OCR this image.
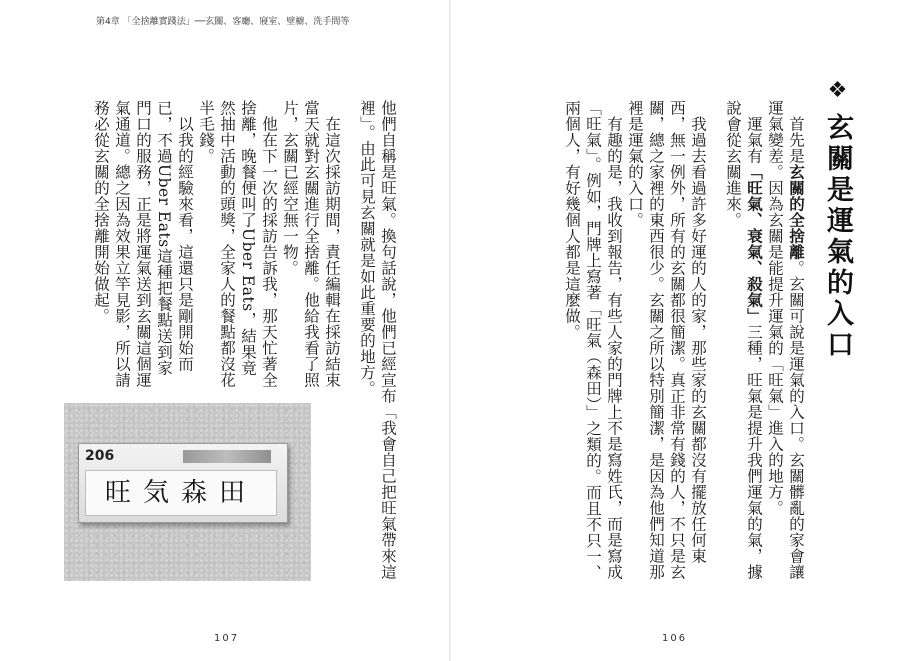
第4章 「全捨離實踐法」──玄關、客廳、寢室、壁櫥、洗手間等
❖玄關是運氣的入口

首先是玄關的全捨離。玄關可說是運氣的入口。玄關髒亂的家會讓運氣變差。因為玄關是能提升運氣的「旺氣」進入的地方。

運氣有「旺氣、衰氣、殺氣」三種，旺氣是提升我們運氣的氣，據說會從玄關進來。

我過去看過許多好運的人的家，那些家的玄關都沒有擺放任何東西，無一例外，所有的玄關都很簡潔。真正非常有錢的人，不只是玄關，總之家裡的東西很少。玄關之所以特別簡潔，是因為他們知道那裡是運氣的入口。

有趣的是，我收到報告，有些人家的門牌上不是寫姓氏，而是寫成「旺氣」。例如，門牌上寫著「旺氣（森田）」之類的。而且不只一、兩個人，有好幾個人都是這麼做。

106

他們自稱是旺氣。換句話說，他們已經宣布「我會自己把旺氣帶來這裡」。由此可見玄關就是如此重要的地方。

在這次採訪期間，責任編輯在採訪結束當天就對玄關進行全捨離。他給我看了照片，玄關已經空無一物。

他在下一次的採訪告訴我，那天忙著全捨離，晚餐便叫了Uber Eats，結果竟然抽中活動的頭獎，全家人的餐點都沒花半毛錢。

以我的經驗來看，這還只是剛開始而已，不過Uber Eats這種把餐點送到家門口的服務，正是將運氣送到玄關這個運氣通道。總之因為效果立竿見影，所以請務必從玄關的全捨離開始做起。

206
旺気森田
107
